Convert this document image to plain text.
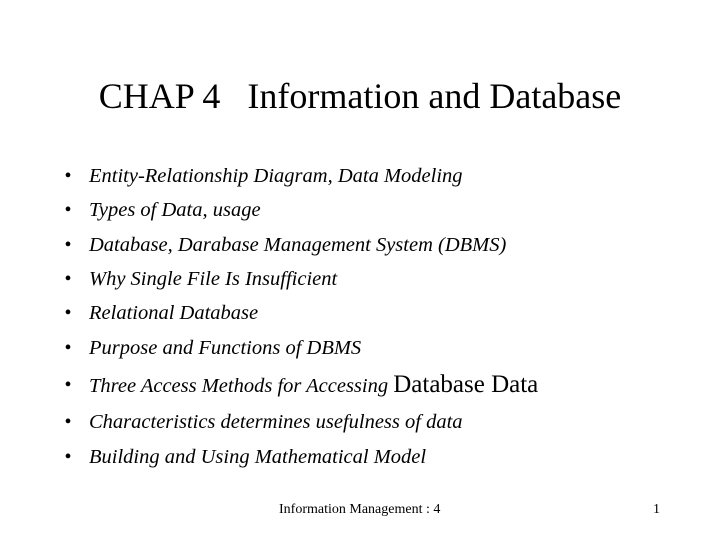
CHAP 4   Information and Database
• Entity-Relationship Diagram, Data Modeling
• Types of Data, usage
• Database, Darabase Management System (DBMS)
• Why Single File Is Insufficient
• Relational Database
• Purpose and Functions of DBMS
• Three Access Methods for Accessing Database Data
• Characteristics determines usefulness of data
• Building and Using Mathematical Model
Information Management : 4	1
